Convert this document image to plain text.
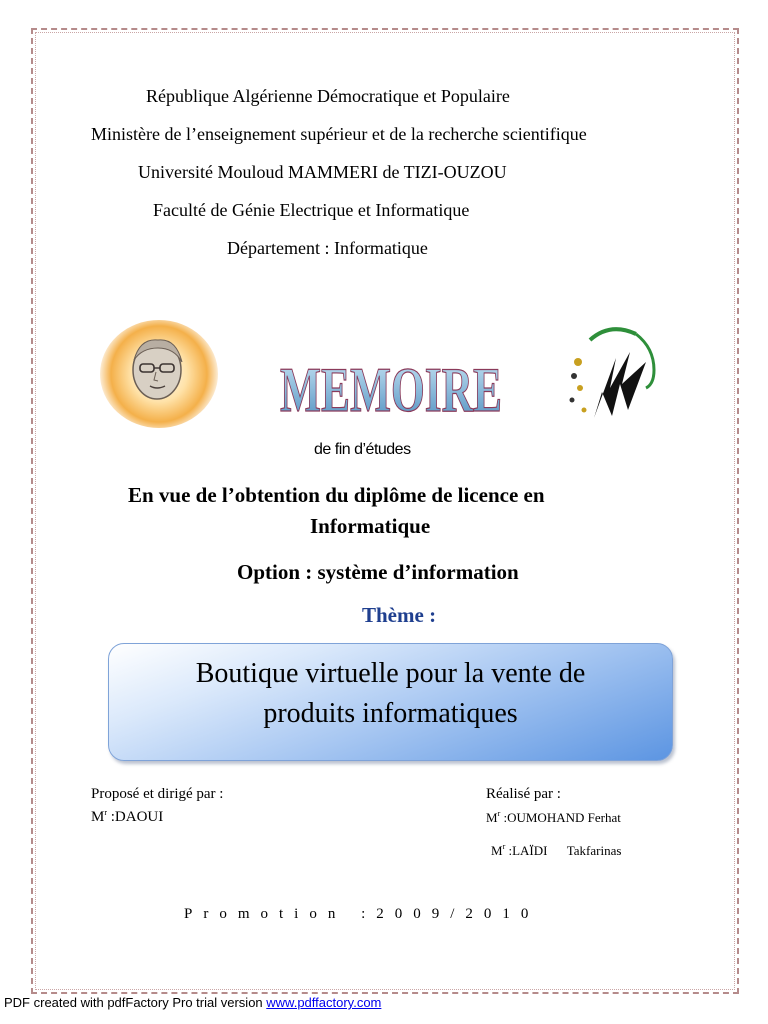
République Algérienne Démocratique et Populaire
Ministère de l’enseignement supérieur et de la recherche scientifique
Université Mouloud MAMMERI de TIZI-OUZOU
Faculté de Génie Electrique et Informatique
Département : Informatique
MEMOIRE
de fin d’études
En vue de l’obtention du diplôme de licence en
Informatique
Option : système d’information
Thème :
Boutique virtuelle pour la vente de
produits informatiques
Proposé et dirigé par :
$M^r$ :DAOUI
Réalisé par :
$M^r$ :OUMOHAND Ferhat
$M^r$ :LAÏDI      Takfarinas
Promotion :2009/2010
PDF created with pdfFactory Pro trial version www.pdffactory.com
